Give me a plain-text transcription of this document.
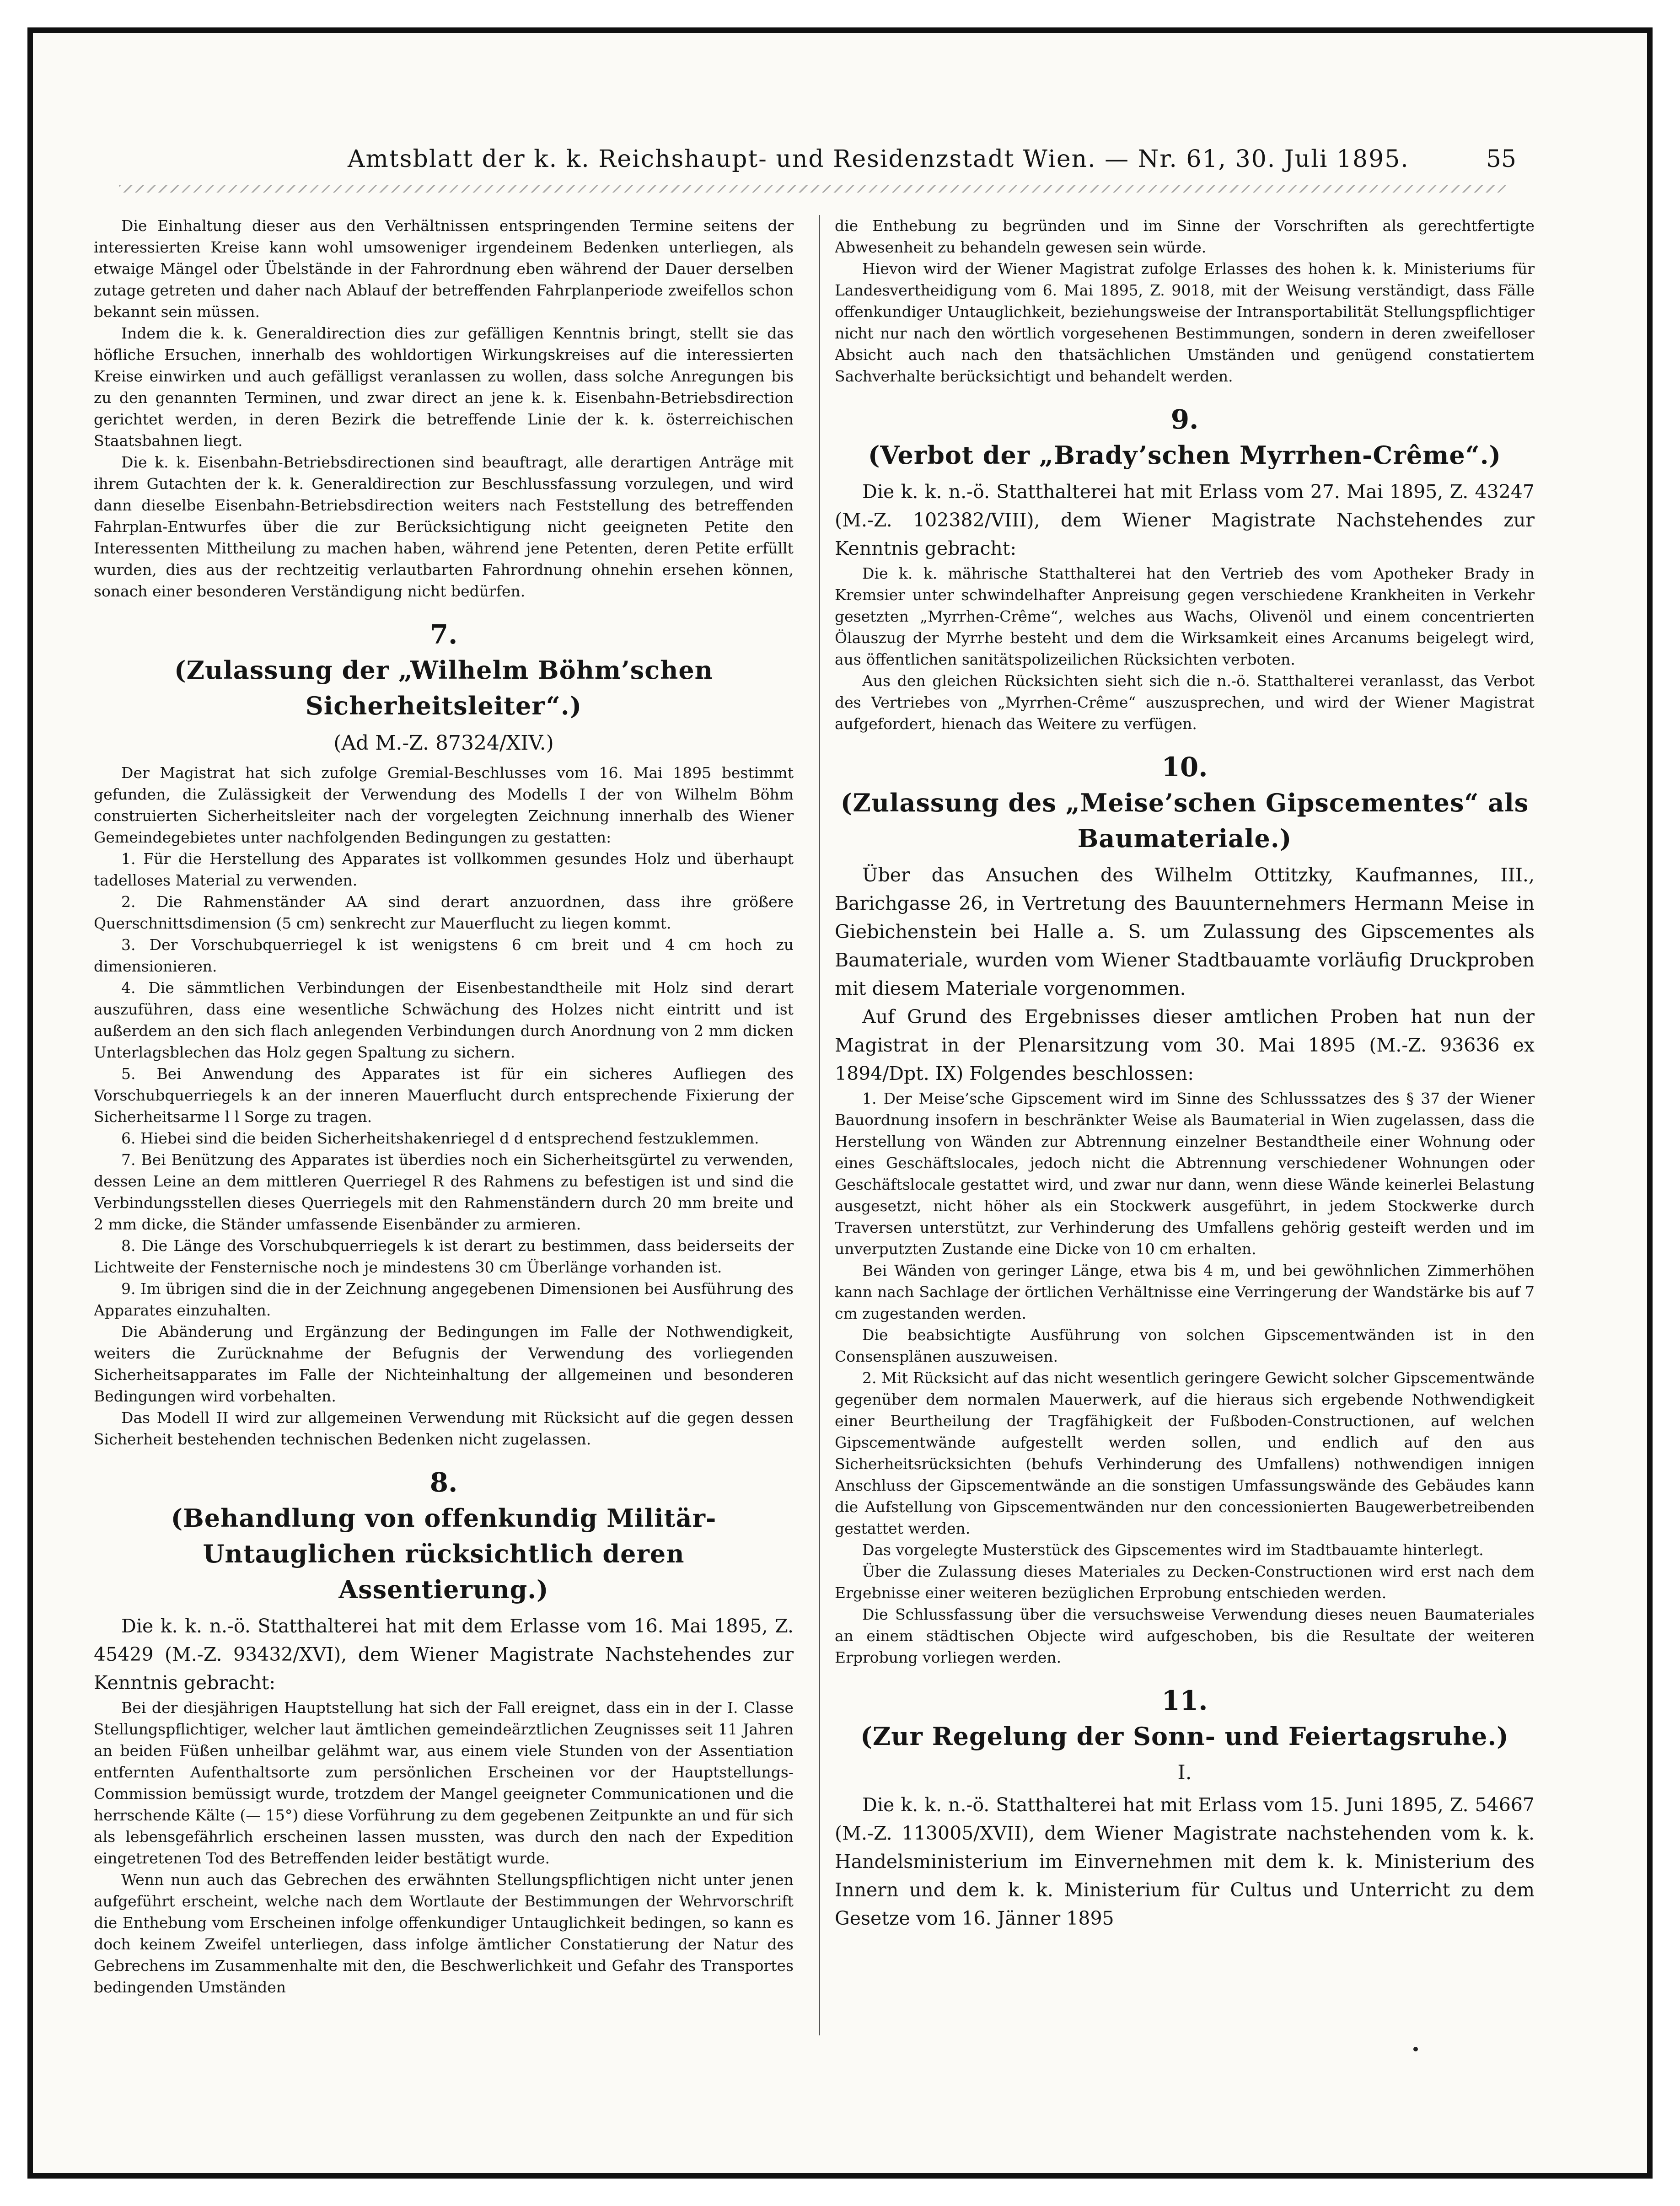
Amtsblatt der k. k. Reichshaupt- und Residenzstadt Wien. — Nr. 61, 30. Juli 1895.	55

Die Einhaltung dieser aus den Verhältnissen entspringenden Termine seitens der interessierten Kreise kann wohl umsoweniger irgendeinem Bedenken unterliegen, als etwaige Mängel oder Übelstände in der Fahrordnung eben während der Dauer derselben zutage getreten und daher nach Ablauf der betreffenden Fahrplanperiode zweifellos schon bekannt sein müssen.

Indem die k. k. Generaldirection dies zur gefälligen Kenntnis bringt, stellt sie das höfliche Ersuchen, innerhalb des wohldortigen Wirkungskreises auf die interessierten Kreise einwirken und auch gefälligst veranlassen zu wollen, dass solche Anregungen bis zu den genannten Terminen, und zwar direct an jene k. k. Eisenbahn-Betriebsdirection gerichtet werden, in deren Bezirk die betreffende Linie der k. k. österreichischen Staatsbahnen liegt.

Die k. k. Eisenbahn-Betriebsdirectionen sind beauftragt, alle derartigen Anträge mit ihrem Gutachten der k. k. Generaldirection zur Beschlussfassung vorzulegen, und wird dann dieselbe Eisenbahn-Betriebsdirection weiters nach Feststellung des betreffenden Fahrplan-Entwurfes über die zur Berücksichtigung nicht geeigneten Petite den Interessenten Mittheilung zu machen haben, während jene Petenten, deren Petite erfüllt wurden, dies aus der rechtzeitig verlautbarten Fahrordnung ohnehin ersehen können, sonach einer besonderen Verständigung nicht bedürfen.

7.
(Zulassung der „Wilhelm Böhm’schen Sicherheitsleiter“.)
(Ad M.-Z. 87324/XIV.)

Der Magistrat hat sich zufolge Gremial-Beschlusses vom 16. Mai 1895 bestimmt gefunden, die Zulässigkeit der Verwendung des Modells I der von Wilhelm Böhm construierten Sicherheitsleiter nach der vorgelegten Zeichnung innerhalb des Wiener Gemeindegebietes unter nachfolgenden Bedingungen zu gestatten:

1. Für die Herstellung des Apparates ist vollkommen gesundes Holz und überhaupt tadelloses Material zu verwenden.

2. Die Rahmenständer AA sind derart anzuordnen, dass ihre größere Querschnittsdimension (5 cm) senkrecht zur Mauerflucht zu liegen kommt.

3. Der Vorschubquerriegel k ist wenigstens 6 cm breit und 4 cm hoch zu dimensionieren.

4. Die sämmtlichen Verbindungen der Eisenbestandtheile mit Holz sind derart auszuführen, dass eine wesentliche Schwächung des Holzes nicht eintritt und ist außerdem an den sich flach anlegenden Verbindungen durch Anordnung von 2 mm dicken Unterlagsblechen das Holz gegen Spaltung zu sichern.

5. Bei Anwendung des Apparates ist für ein sicheres Aufliegen des Vorschubquerriegels k an der inneren Mauerflucht durch entsprechende Fixierung der Sicherheitsarme l l Sorge zu tragen.

6. Hiebei sind die beiden Sicherheitshakenriegel d d entsprechend festzuklemmen.

7. Bei Benützung des Apparates ist überdies noch ein Sicherheitsgürtel zu verwenden, dessen Leine an dem mittleren Querriegel R des Rahmens zu befestigen ist und sind die Verbindungsstellen dieses Querriegels mit den Rahmenständern durch 20 mm breite und 2 mm dicke, die Ständer umfassende Eisenbänder zu armieren.

8. Die Länge des Vorschubquerriegels k ist derart zu bestimmen, dass beiderseits der Lichtweite der Fensternische noch je mindestens 30 cm Überlänge vorhanden ist.

9. Im übrigen sind die in der Zeichnung angegebenen Dimensionen bei Ausführung des Apparates einzuhalten.

Die Abänderung und Ergänzung der Bedingungen im Falle der Nothwendigkeit, weiters die Zurücknahme der Befugnis der Verwendung des vorliegenden Sicherheitsapparates im Falle der Nichteinhaltung der allgemeinen und besonderen Bedingungen wird vorbehalten.

Das Modell II wird zur allgemeinen Verwendung mit Rücksicht auf die gegen dessen Sicherheit bestehenden technischen Bedenken nicht zugelassen.

8.
(Behandlung von offenkundig Militär-Untauglichen rücksichtlich deren Assentierung.)

Die k. k. n.-ö. Statthalterei hat mit dem Erlasse vom 16. Mai 1895, Z. 45429 (M.-Z. 93432/XVI), dem Wiener Magistrate Nachstehendes zur Kenntnis gebracht:

Bei der diesjährigen Hauptstellung hat sich der Fall ereignet, dass ein in der I. Classe Stellungspflichtiger, welcher laut ämtlichen gemeindeärztlichen Zeugnisses seit 11 Jahren an beiden Füßen unheilbar gelähmt war, aus einem viele Stunden von der Assentiation entfernten Aufenthaltsorte zum persönlichen Erscheinen vor der Hauptstellungs-Commission bemüssigt wurde, trotzdem der Mangel geeigneter Communicationen und die herrschende Kälte (— 15°) diese Vorführung zu dem gegebenen Zeitpunkte an und für sich als lebensgefährlich erscheinen lassen mussten, was durch den nach der Expedition eingetretenen Tod des Betreffenden leider bestätigt wurde.

Wenn nun auch das Gebrechen des erwähnten Stellungspflichtigen nicht unter jenen aufgeführt erscheint, welche nach dem Wortlaute der Bestimmungen der Wehrvorschrift die Enthebung vom Erscheinen infolge offenkundiger Untauglichkeit bedingen, so kann es doch keinem Zweifel unterliegen, dass infolge ämtlicher Constatierung der Natur des Gebrechens im Zusammenhalte mit den, die Beschwerlichkeit und Gefahr des Transportes bedingenden Umständen

die Enthebung zu begründen und im Sinne der Vorschriften als gerechtfertigte Abwesenheit zu behandeln gewesen sein würde.

Hievon wird der Wiener Magistrat zufolge Erlasses des hohen k. k. Ministeriums für Landesvertheidigung vom 6. Mai 1895, Z. 9018, mit der Weisung verständigt, dass Fälle offenkundiger Untauglichkeit, beziehungsweise der Intransportabilität Stellungspflichtiger nicht nur nach den wörtlich vorgesehenen Bestimmungen, sondern in deren zweifelloser Absicht auch nach den thatsächlichen Umständen und genügend constatiertem Sachverhalte berücksichtigt und behandelt werden.

9.
(Verbot der „Brady’schen Myrrhen-Crême“.)

Die k. k. n.-ö. Statthalterei hat mit Erlass vom 27. Mai 1895, Z. 43247 (M.-Z. 102382/VIII), dem Wiener Magistrate Nachstehendes zur Kenntnis gebracht:

Die k. k. mährische Statthalterei hat den Vertrieb des vom Apotheker Brady in Kremsier unter schwindelhafter Anpreisung gegen verschiedene Krankheiten in Verkehr gesetzten „Myrrhen-Crême“, welches aus Wachs, Olivenöl und einem concentrierten Ölauszug der Myrrhe besteht und dem die Wirksamkeit eines Arcanums beigelegt wird, aus öffentlichen sanitätspolizeilichen Rücksichten verboten.

Aus den gleichen Rücksichten sieht sich die n.-ö. Statthalterei veranlasst, das Verbot des Vertriebes von „Myrrhen-Crême“ auszusprechen, und wird der Wiener Magistrat aufgefordert, hienach das Weitere zu verfügen.

10.
(Zulassung des „Meise’schen Gipscementes“ als Baumateriale.)

Über das Ansuchen des Wilhelm Ottitzky, Kaufmannes, III., Barichgasse 26, in Vertretung des Bauunternehmers Hermann Meise in Giebichenstein bei Halle a. S. um Zulassung des Gipscementes als Baumateriale, wurden vom Wiener Stadtbauamte vorläufig Druckproben mit diesem Materiale vorgenommen.

Auf Grund des Ergebnisses dieser amtlichen Proben hat nun der Magistrat in der Plenarsitzung vom 30. Mai 1895 (M.-Z. 93636 ex 1894/Dpt. IX) Folgendes beschlossen:

1. Der Meise’sche Gipscement wird im Sinne des Schlusssatzes des § 37 der Wiener Bauordnung insofern in beschränkter Weise als Baumaterial in Wien zugelassen, dass die Herstellung von Wänden zur Abtrennung einzelner Bestandtheile einer Wohnung oder eines Geschäftslocales, jedoch nicht die Abtrennung verschiedener Wohnungen oder Geschäftslocale gestattet wird, und zwar nur dann, wenn diese Wände keinerlei Belastung ausgesetzt, nicht höher als ein Stockwerk ausgeführt, in jedem Stockwerke durch Traversen unterstützt, zur Verhinderung des Umfallens gehörig gesteift werden und im unverputzten Zustande eine Dicke von 10 cm erhalten.

Bei Wänden von geringer Länge, etwa bis 4 m, und bei gewöhnlichen Zimmerhöhen kann nach Sachlage der örtlichen Verhältnisse eine Verringerung der Wandstärke bis auf 7 cm zugestanden werden.

Die beabsichtigte Ausführung von solchen Gipscementwänden ist in den Consensplänen auszuweisen.

2. Mit Rücksicht auf das nicht wesentlich geringere Gewicht solcher Gipscementwände gegenüber dem normalen Mauerwerk, auf die hieraus sich ergebende Nothwendigkeit einer Beurtheilung der Tragfähigkeit der Fußboden-Constructionen, auf welchen Gipscementwände aufgestellt werden sollen, und endlich auf den aus Sicherheitsrücksichten (behufs Verhinderung des Umfallens) nothwendigen innigen Anschluss der Gipscementwände an die sonstigen Umfassungswände des Gebäudes kann die Aufstellung von Gipscementwänden nur den concessionierten Baugewerbetreibenden gestattet werden.

Das vorgelegte Musterstück des Gipscementes wird im Stadtbauamte hinterlegt.

Über die Zulassung dieses Materiales zu Decken-Constructionen wird erst nach dem Ergebnisse einer weiteren bezüglichen Erprobung entschieden werden.

Die Schlussfassung über die versuchsweise Verwendung dieses neuen Baumateriales an einem städtischen Objecte wird aufgeschoben, bis die Resultate der weiteren Erprobung vorliegen werden.

11.
(Zur Regelung der Sonn- und Feiertagsruhe.)
I.

Die k. k. n.-ö. Statthalterei hat mit Erlass vom 15. Juni 1895, Z. 54667 (M.-Z. 113005/XVII), dem Wiener Magistrate nachstehenden vom k. k. Handelsministerium im Einvernehmen mit dem k. k. Ministerium des Innern und dem k. k. Ministerium für Cultus und Unterricht zu dem Gesetze vom 16. Jänner 1895
